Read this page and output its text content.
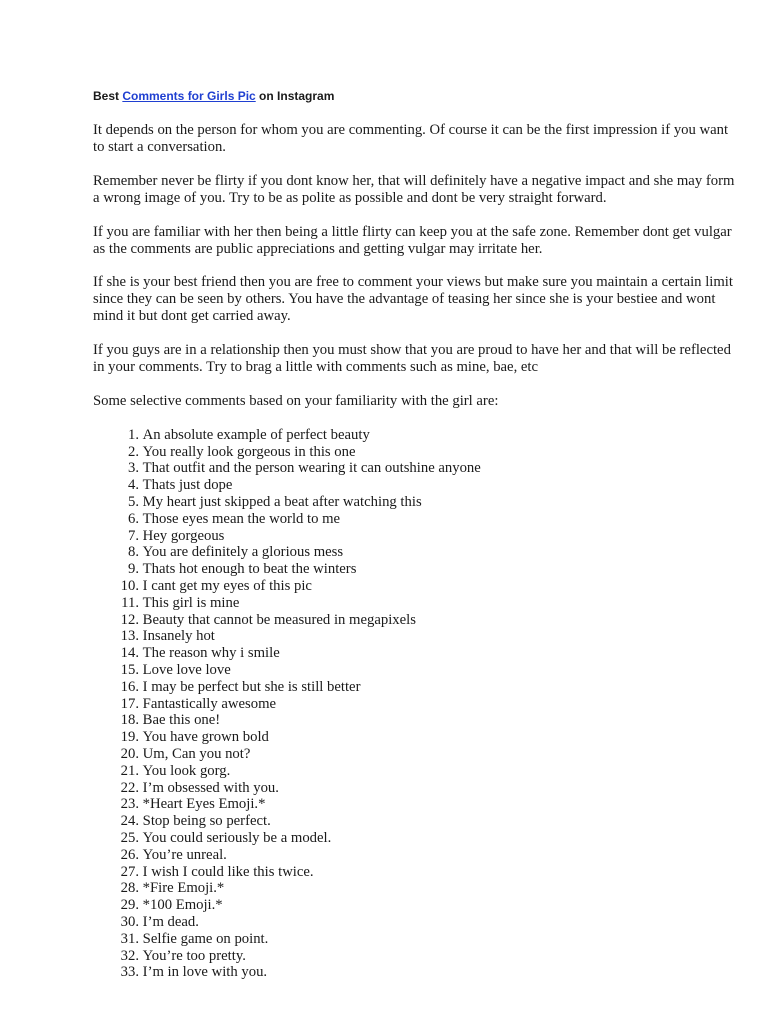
Best Comments for Girls Pic on Instagram

It depends on the person for whom you are commenting. Of course it can be the first impression if you want to start a conversation.

Remember never be flirty if you dont know her, that will definitely have a negative impact and she may form a wrong image of you. Try to be as polite as possible and dont be very straight forward.

If you are familiar with her then being a little flirty can keep you at the safe zone. Remember dont get vulgar as the comments are public appreciations and getting vulgar may irritate her.

If she is your best friend then you are free to comment your views but make sure you maintain a certain limit since they can be seen by others. You have the advantage of teasing her since she is your bestiee and wont mind it but dont get carried away.

If you guys are in a relationship then you must show that you are proud to have her and that will be reflected in your comments. Try to brag a little with comments such as mine, bae, etc

Some selective comments based on your familiarity with the girl are:

1.
An absolute example of perfect beauty
2.
You really look gorgeous in this one
3.
That outfit and the person wearing it can outshine anyone
4.
Thats just dope
5.
My heart just skipped a beat after watching this
6.
Those eyes mean the world to me
7.
Hey gorgeous
8.
You are definitely a glorious mess
9.
Thats hot enough to beat the winters
10.
I cant get my eyes of this pic
11.
This girl is mine
12.
Beauty that cannot be measured in megapixels
13.
Insanely hot
14.
The reason why i smile
15.
Love love love
16.
I may be perfect but she is still better
17.
Fantastically awesome
18.
Bae this one!
19.
You have grown bold
20.
Um, Can you not?
21.
You look gorg.
22.
I’m obsessed with you.
23.
*Heart Eyes Emoji.*
24.
Stop being so perfect.
25.
You could seriously be a model.
26.
You’re unreal.
27.
I wish I could like this twice.
28.
*Fire Emoji.*
29.
*100 Emoji.*
30.
I’m dead.
31.
Selfie game on point.
32.
You’re too pretty.
33.
I’m in love with you.
